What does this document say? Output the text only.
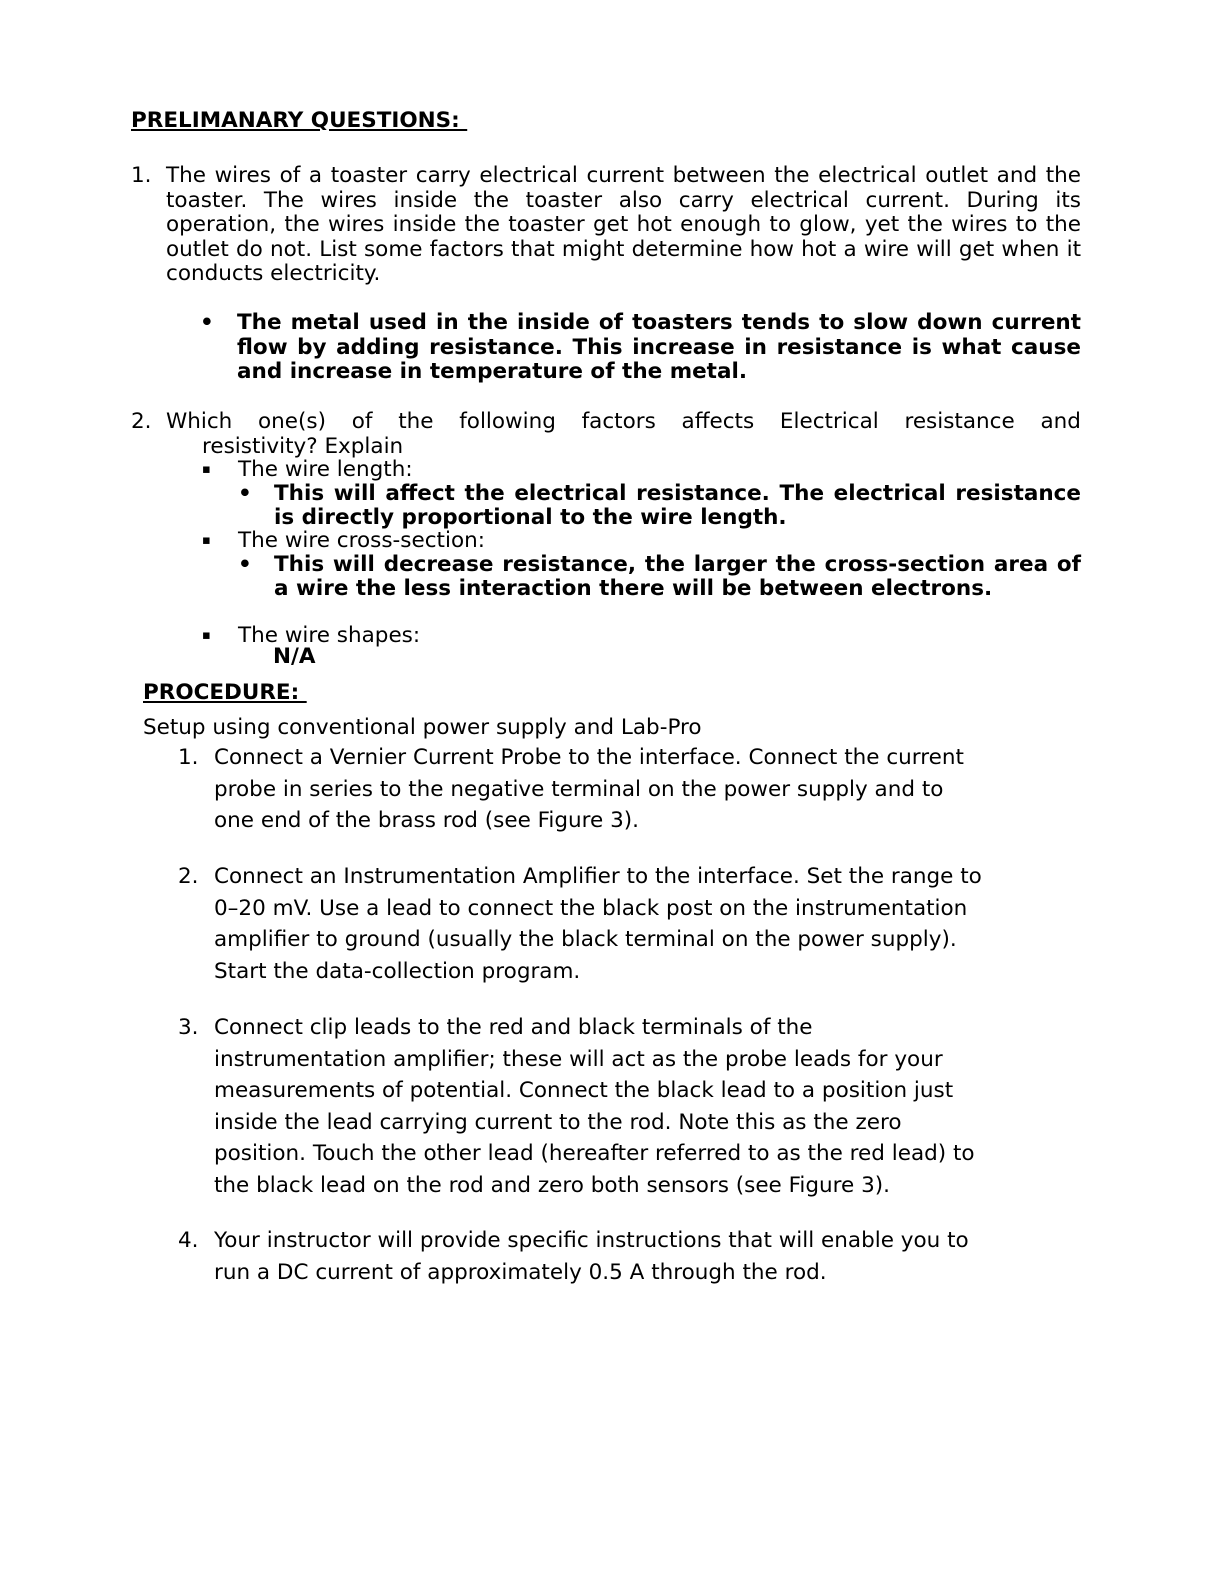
PRELIMANARY QUESTIONS:
1. The wires of a toaster carry electrical current between the electrical outlet and the toaster. The wires inside the toaster also carry electrical current. During its operation, the wires inside the toaster get hot enough to glow, yet the wires to the outlet do not. List some factors that might determine how hot a wire will get when it conducts electricity.
• The metal used in the inside of toasters tends to slow down current flow by adding resistance. This increase in resistance is what cause and increase in temperature of the metal.
2. Which one(s) of the following factors affects Electrical resistance and
resistivity? Explain
▪ The wire length:
• This will affect the electrical resistance. The electrical resistance is directly proportional to the wire length.
▪ The wire cross-section:
• This will decrease resistance, the larger the cross-section area of a wire the less interaction there will be between electrons.
▪ The wire shapes:
N/A
PROCEDURE:
Setup using conventional power supply and Lab-Pro
1. Connect a Vernier Current Probe to the interface. Connect the current
probe in series to the negative terminal on the power supply and to
one end of the brass rod (see Figure 3).
2. Connect an Instrumentation Amplifier to the interface. Set the range to
0–20 mV. Use a lead to connect the black post on the instrumentation
amplifier to ground (usually the black terminal on the power supply).
Start the data-collection program.
3. Connect clip leads to the red and black terminals of the
instrumentation amplifier; these will act as the probe leads for your
measurements of potential. Connect the black lead to a position just
inside the lead carrying current to the rod. Note this as the zero
position. Touch the other lead (hereafter referred to as the red lead) to
the black lead on the rod and zero both sensors (see Figure 3).
4. Your instructor will provide specific instructions that will enable you to
run a DC current of approximately 0.5 A through the rod.
